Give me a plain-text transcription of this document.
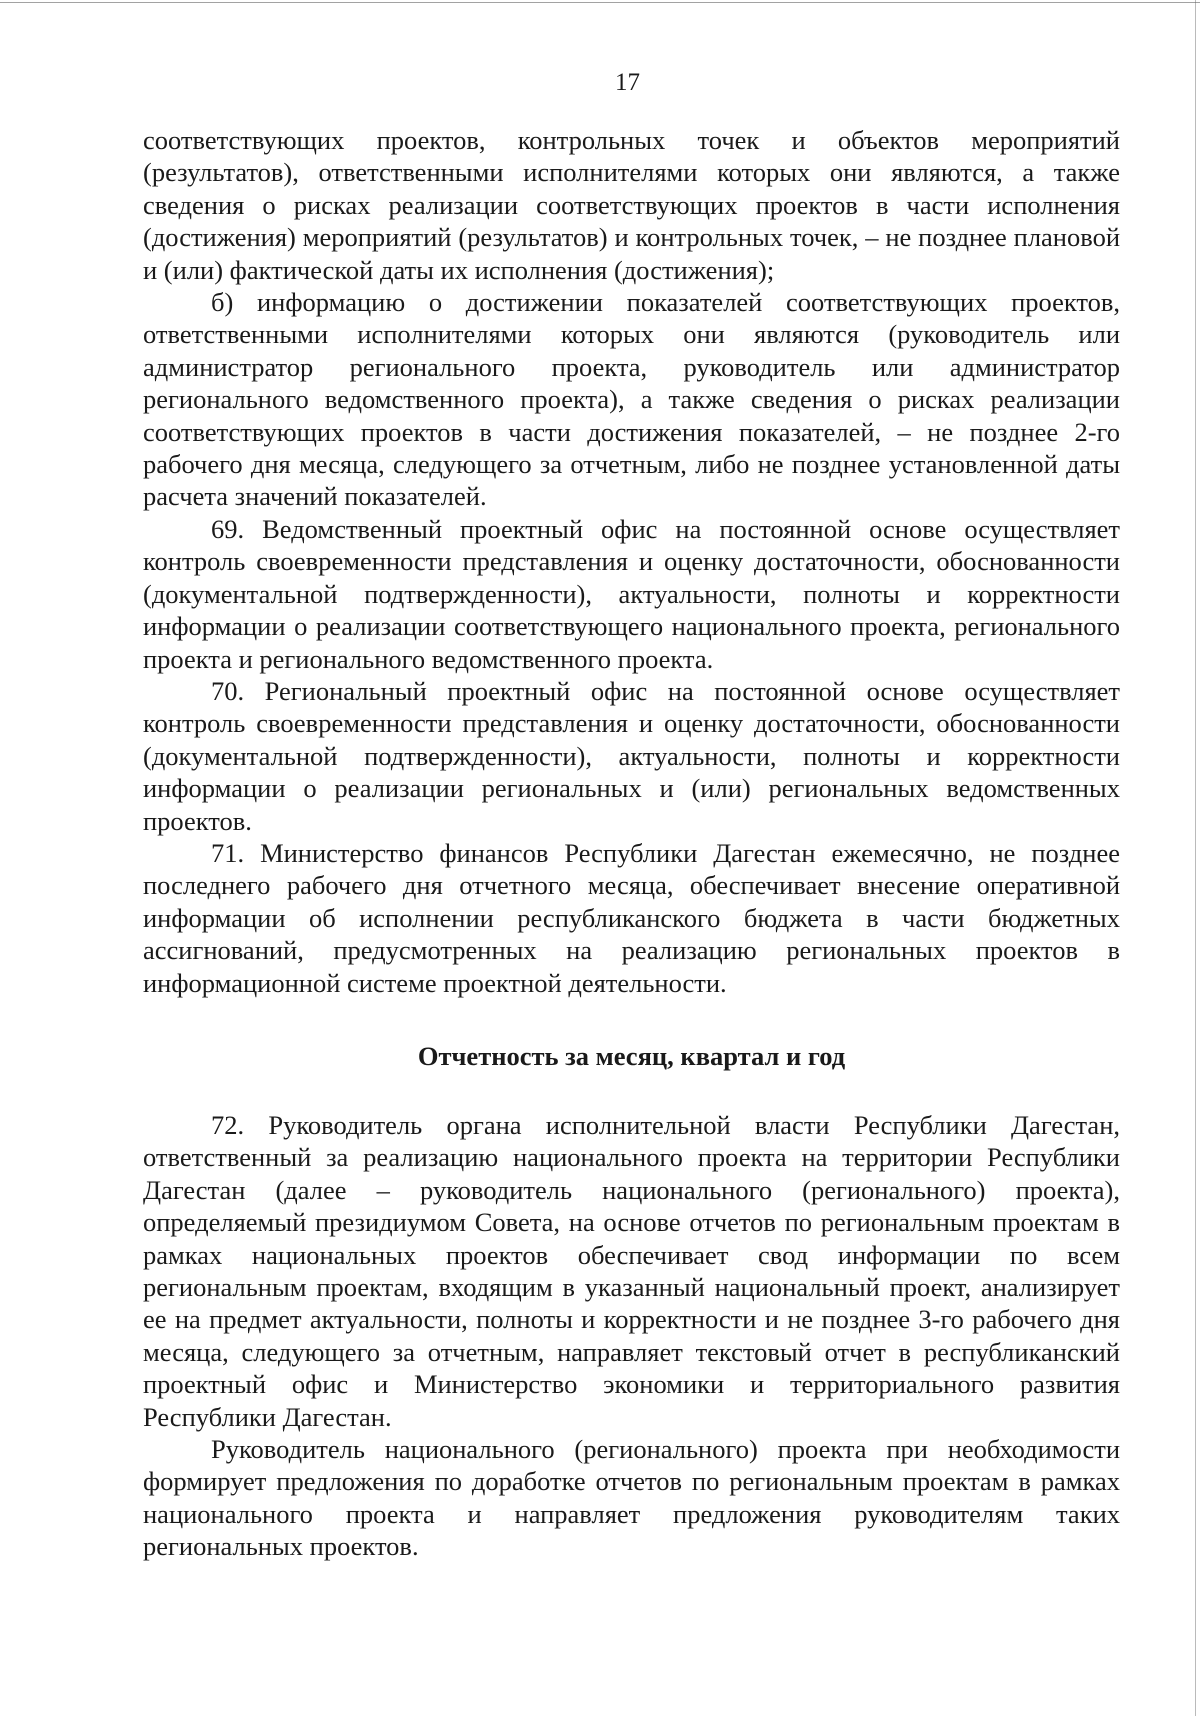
17

соответствующих проектов, контрольных точек и объектов мероприятий (результатов), ответственными исполнителями которых они являются, а также сведения о рисках реализации соответствующих проектов в части исполнения (достижения) мероприятий (результатов) и контрольных точек, – не позднее плановой и (или) фактической даты их исполнения (достижения);

б) информацию о достижении показателей соответствующих проектов, ответственными исполнителями которых они являются (руководитель или администратор регионального проекта, руководитель или администратор регионального ведомственного проекта), а также сведения о рисках реализации соответствующих проектов в части достижения показателей, – не позднее 2-го рабочего дня месяца, следующего за отчетным, либо не позднее установленной даты расчета значений показателей.

69. Ведомственный проектный офис на постоянной основе осуществляет контроль своевременности представления и оценку достаточности, обоснованности (документальной подтвержденности), актуальности, полноты и корректности информации о реализации соответствующего национального проекта, регионального проекта и регионального ведомственного проекта.

70. Региональный проектный офис на постоянной основе осуществляет контроль своевременности представления и оценку достаточности, обоснованности (документальной подтвержденности), актуальности, полноты и корректности информации о реализации региональных и (или) региональных ведомственных проектов.

71. Министерство финансов Республики Дагестан ежемесячно, не позднее последнего рабочего дня отчетного месяца, обеспечивает внесение оперативной информации об исполнении республиканского бюджета в части бюджетных ассигнований, предусмотренных на реализацию региональных проектов в информационной системе проектной деятельности.

Отчетность за месяц, квартал и год

72. Руководитель органа исполнительной власти Республики Дагестан, ответственный за реализацию национального проекта на территории Республики Дагестан (далее – руководитель национального (регионального) проекта), определяемый президиумом Совета, на основе отчетов по региональным проектам в рамках национальных проектов обеспечивает свод информации по всем региональным проектам, входящим в указанный национальный проект, анализирует ее на предмет актуальности, полноты и корректности и не позднее 3-го рабочего дня месяца, следующего за отчетным, направляет текстовый отчет в республиканский проектный офис и Министерство экономики и территориального развития Республики Дагестан.

Руководитель национального (регионального) проекта при необходимости формирует предложения по доработке отчетов по региональным проектам в рамках национального проекта и направляет предложения руководителям таких региональных проектов.
